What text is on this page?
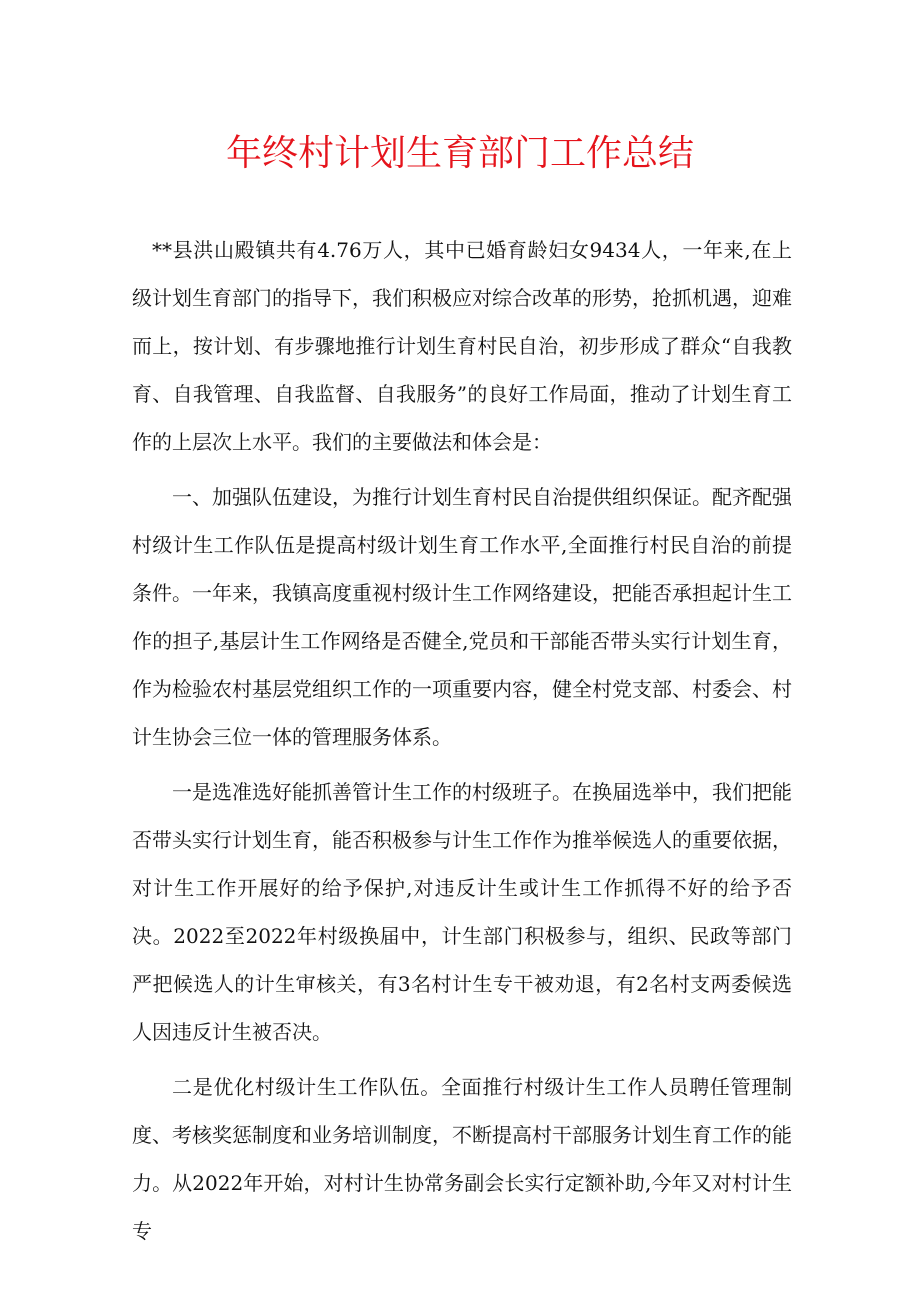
年终村计划生育部门工作总结

**县洪山殿镇共有4.76万人，其中已婚育龄妇女9434人，一年来,在上级计划生育部门的指导下，我们积极应对综合改革的形势，抢抓机遇，迎难而上，按计划、有步骤地推行计划生育村民自治，初步形成了群众“自我教育、自我管理、自我监督、自我服务”的良好工作局面，推动了计划生育工作的上层次上水平。我们的主要做法和体会是：

一、加强队伍建设，为推行计划生育村民自治提供组织保证。配齐配强村级计生工作队伍是提高村级计划生育工作水平,全面推行村民自治的前提条件。一年来，我镇高度重视村级计生工作网络建设，把能否承担起计生工作的担子,基层计生工作网络是否健全,党员和干部能否带头实行计划生育，作为检验农村基层党组织工作的一项重要内容，健全村党支部、村委会、村计生协会三位一体的管理服务体系。

一是选准选好能抓善管计生工作的村级班子。在换届选举中，我们把能否带头实行计划生育，能否积极参与计生工作作为推举候选人的重要依据，对计生工作开展好的给予保护,对违反计生或计生工作抓得不好的给予否决。2022至2022年村级换届中，计生部门积极参与，组织、民政等部门严把候选人的计生审核关，有3名村计生专干被劝退，有2名村支两委候选人因违反计生被否决。

二是优化村级计生工作队伍。全面推行村级计生工作人员聘任管理制度、考核奖惩制度和业务培训制度，不断提高村干部服务计划生育工作的能力。从2022年开始，对村计生协常务副会长实行定额补助,今年又对村计生专
